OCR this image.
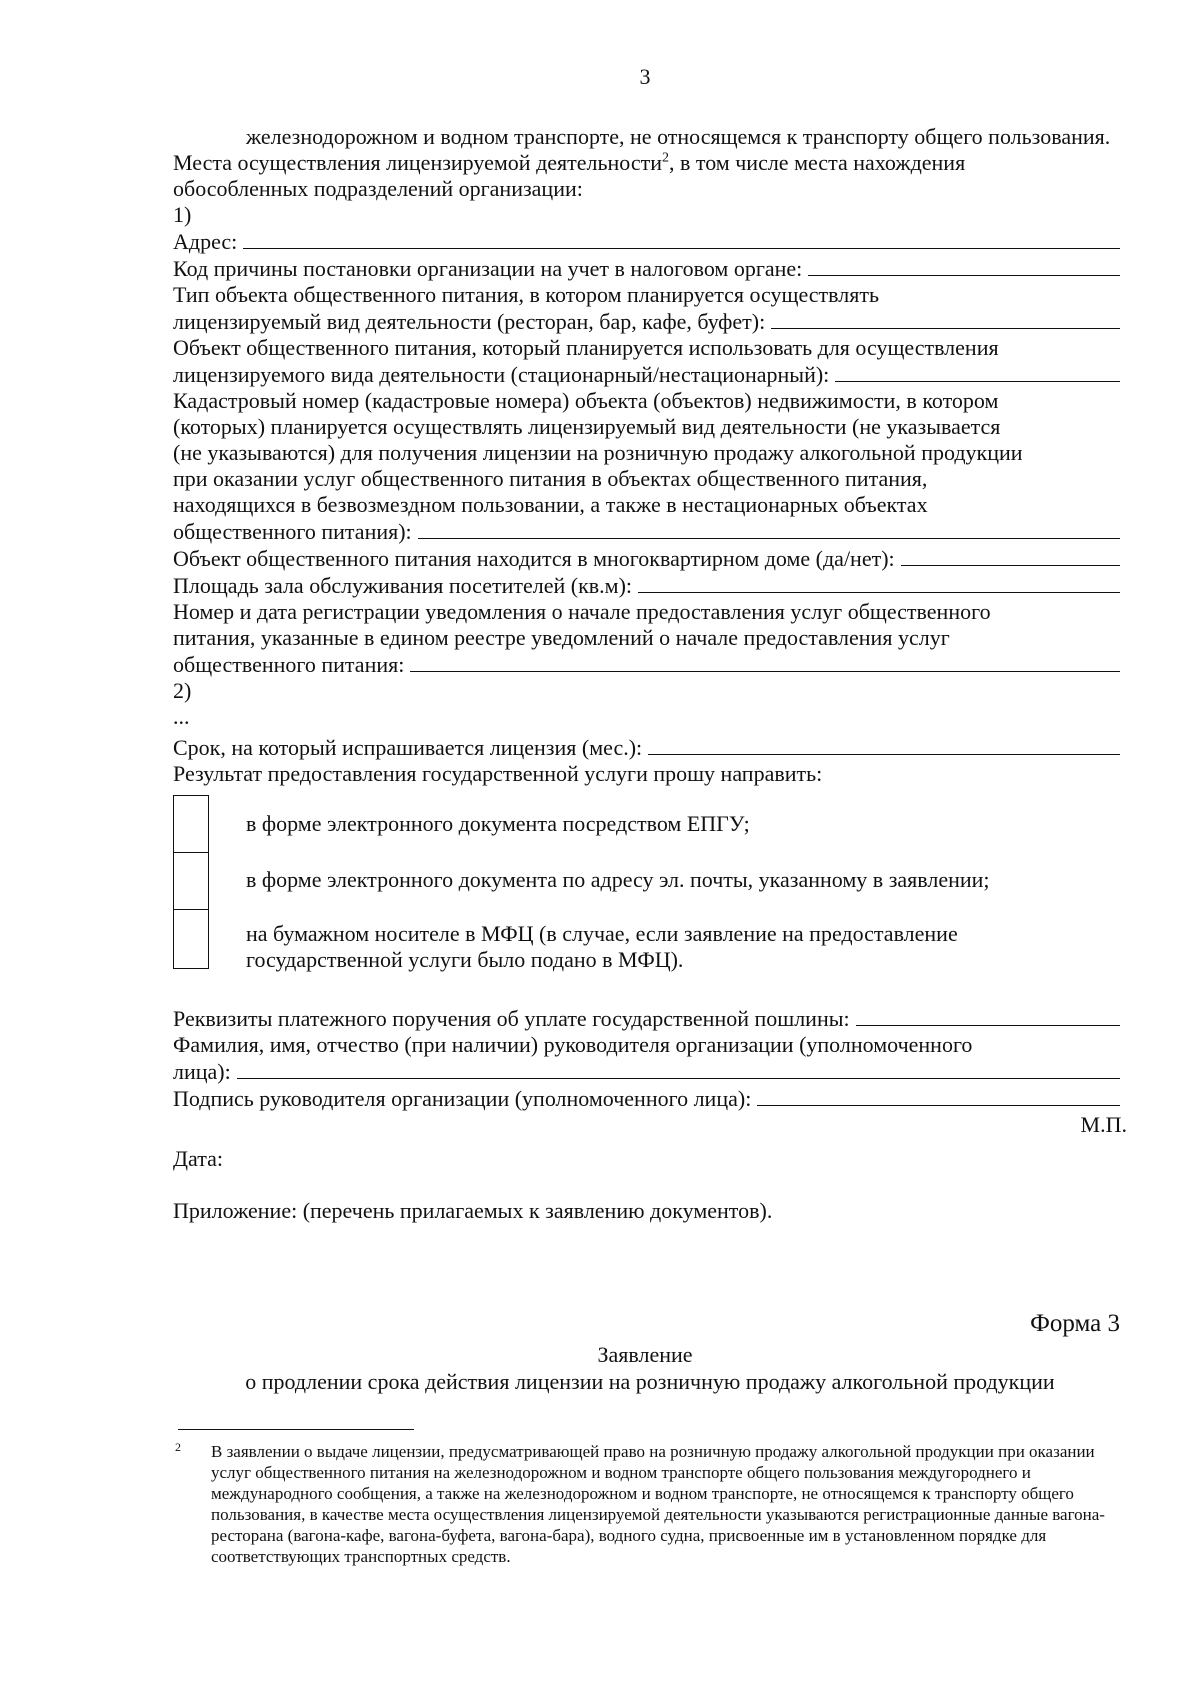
3

железнодорожном и водном транспорте, не относящемся к транспорту общего пользования.

Места осуществления лицензируемой деятельности$^2$, в том числе места нахождения
обособленных подразделений организации:

1)
Адрес:
Код причины постановки организации на учет в налоговом органе:
Тип объекта общественного питания, в котором планируется осуществлять
лицензируемый вид деятельности (ресторан, бар, кафе, буфет):
Объект общественного питания, который планируется использовать для осуществления
лицензируемого вида деятельности (стационарный/нестационарный):
Кадастровый номер (кадастровые номера) объекта (объектов) недвижимости, в котором
(которых) планируется осуществлять лицензируемый вид деятельности (не указывается
(не указываются) для получения лицензии на розничную продажу алкогольной продукции
при оказании услуг общественного питания в объектах общественного питания,
находящихся в безвозмездном пользовании, а также в нестационарных объектах
общественного питания):
Объект общественного питания находится в многоквартирном доме (да/нет):
Площадь зала обслуживания посетителей (кв.м):
Номер и дата регистрации уведомления о начале предоставления услуг общественного
питания, указанные в едином реестре уведомлений о начале предоставления услуг
общественного питания:
2)
...
Срок, на который испрашивается лицензия (мес.):
Результат предоставления государственной услуги прошу направить:
в форме электронного документа посредством ЕПГУ;
в форме электронного документа по адресу эл. почты, указанному в заявлении;
на бумажном носителе в МФЦ (в случае, если заявление на предоставление
государственной услуги было подано в МФЦ).
Реквизиты платежного поручения об уплате государственной пошлины:
Фамилия, имя, отчество (при наличии) руководителя организации (уполномоченного
лица):
Подпись руководителя организации (уполномоченного лица):
М.П.
Дата:
Приложение: (перечень прилагаемых к заявлению документов).
Форма 3
Заявление
о продлении срока действия лицензии на розничную продажу алкогольной продукции
2	В заявлении о выдаче лицензии, предусматривающей право на розничную продажу алкогольной продукции при оказании услуг общественного питания на железнодорожном и водном транспорте общего пользования междугороднего и международного сообщения, а также на железнодорожном и водном транспорте, не относящемся к транспорту общего пользования, в качестве места осуществления лицензируемой деятельности указываются регистрационные данные вагона-ресторана (вагона-кафе, вагона-буфета, вагона-бара), водного судна, присвоенные им в установленном порядке для соответствующих транспортных средств.
